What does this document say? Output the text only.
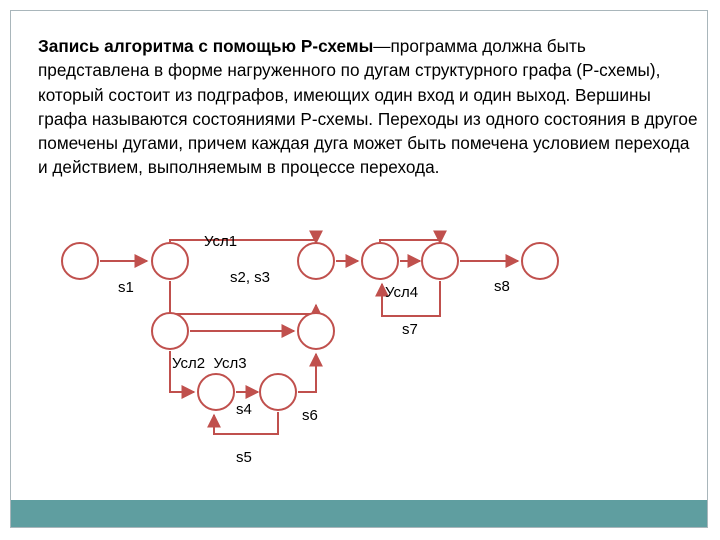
Запись алгоритма с помощью Р-схемы—программа должна быть представлена в форме нагруженного по дугам структурного графа (Р-схемы), который состоит из подграфов, имеющих один вход и один выход. Вершины графа называются состояниями Р-схемы. Переходы из одного состояния в другое помечены дугами, причем каждая дуга может быть помечена условием перехода и действием, выполняемым в процессе перехода.
Усл1
s1
s2, s3
Усл4	s8
s7
Усл2  Усл3
s4	s6
s5
